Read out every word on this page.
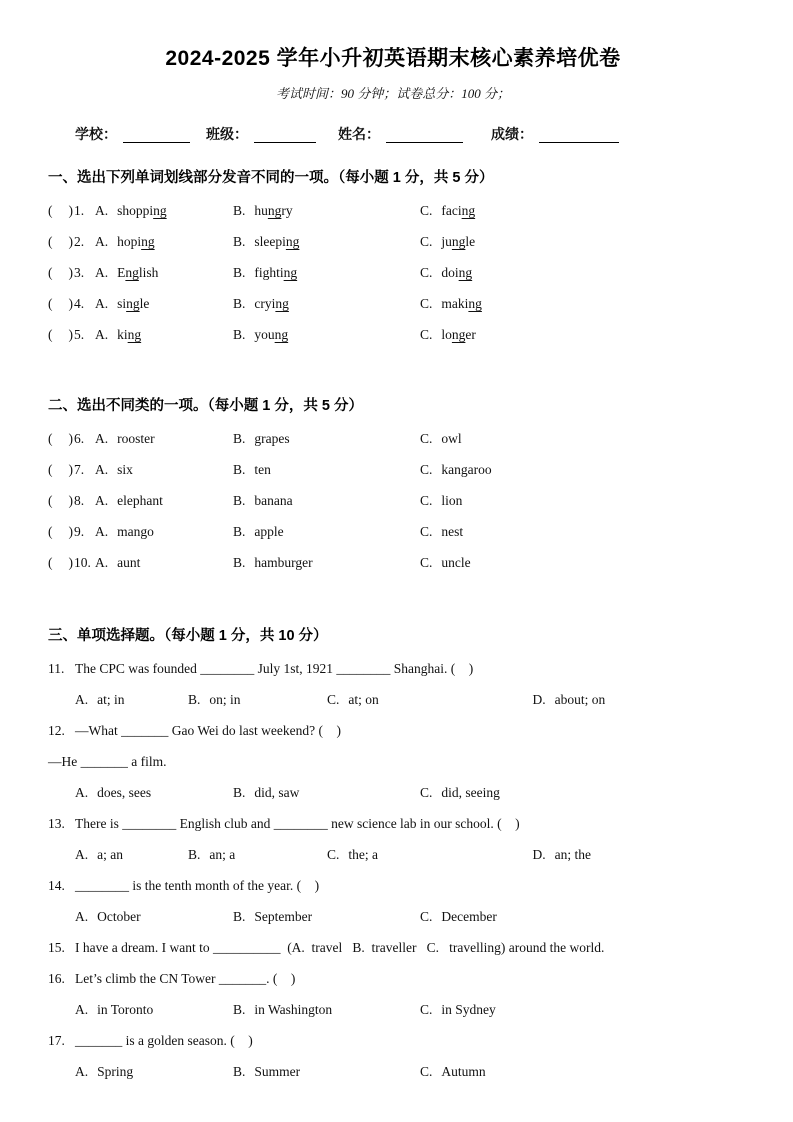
2024-2025 学年小升初英语期末核心素养培优卷
考试时间：90 分钟；试卷总分：100 分；
学校：	班级：	姓名：	成绩：
一、选出下列单词划线部分发音不同的一项。（每小题 1 分，共 5 分）
( ) 1. A. shopping	B. hungry	C. facing
( ) 2. A. hoping	B. sleeping	C. jungle
( ) 3. A. English	B. fighting	C. doing
( ) 4. A. single	B. crying	C. making
( ) 5. A. king	B. young	C. longer
二、选出不同类的一项。（每小题 1 分，共 5 分）
( ) 6. A. rooster	B. grapes	C. owl
( ) 7. A. six	B. ten	C. kangaroo
( ) 8. A. elephant	B. banana	C. lion
( ) 9. A. mango	B. apple	C. nest
( ) 10. A. aunt	B. hamburger	C. uncle
三、单项选择题。（每小题 1 分，共 10 分）
11. The CPC was founded ________ July 1st, 1921 ________ Shanghai. (    )
A. at; in	B. on; in	C. at; on	D. about; on
12. —What _______ Gao Wei do last weekend? (    )
—He _______ a film.
A. does, sees	B. did, saw	C. did, seeing
13. There is ________ English club and ________ new science lab in our school. (    )
A. a; an	B. an; a	C. the; a	D. an; the
14. ________ is the tenth month of the year. (    )
A. October	B. September	C. December
15. I have a dream. I want to __________  (A.  travel   B.  traveller   C.   travelling) around the world.
16. Let’s climb the CN Tower _______. (    )
A. in Toronto	B. in Washington	C. in Sydney
17. _______ is a golden season. (    )
A. Spring	B. Summer	C. Autumn
